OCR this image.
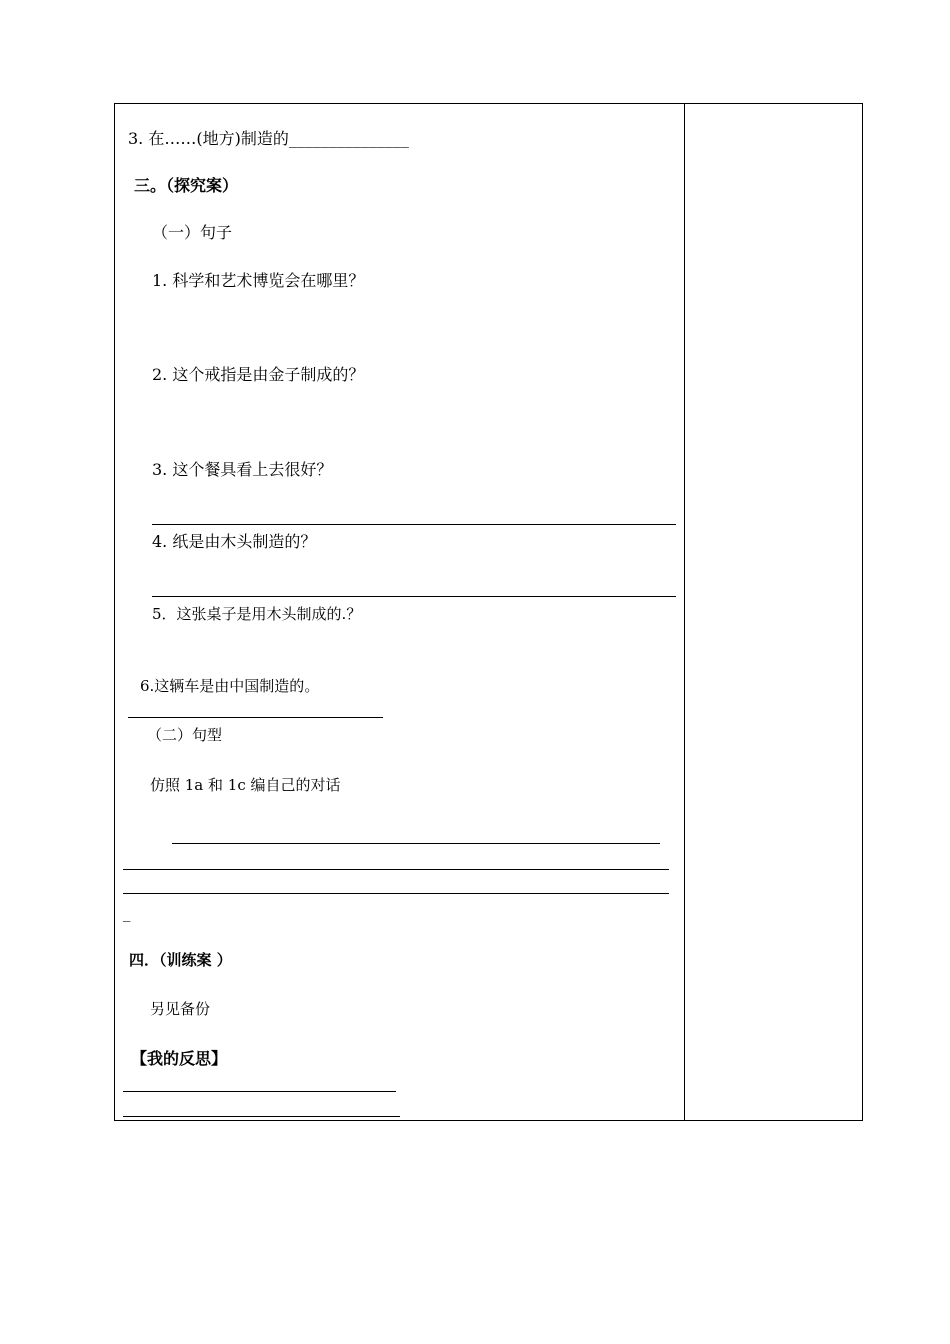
3. 在……(地方)制造的_______________
三。（探究案）
（一）句子
1. 科学和艺术博览会在哪里？
2. 这个戒指是由金子制成的？
3. 这个餐具看上去很好？
4. 纸是由木头制造的？
5．这张桌子是用木头制成的.？
6.这辆车是由中国制造的。
（二）句型
仿照 1a 和 1c 编自己的对话
_
四．（训练案 ）
另见备份
【我的反思】
